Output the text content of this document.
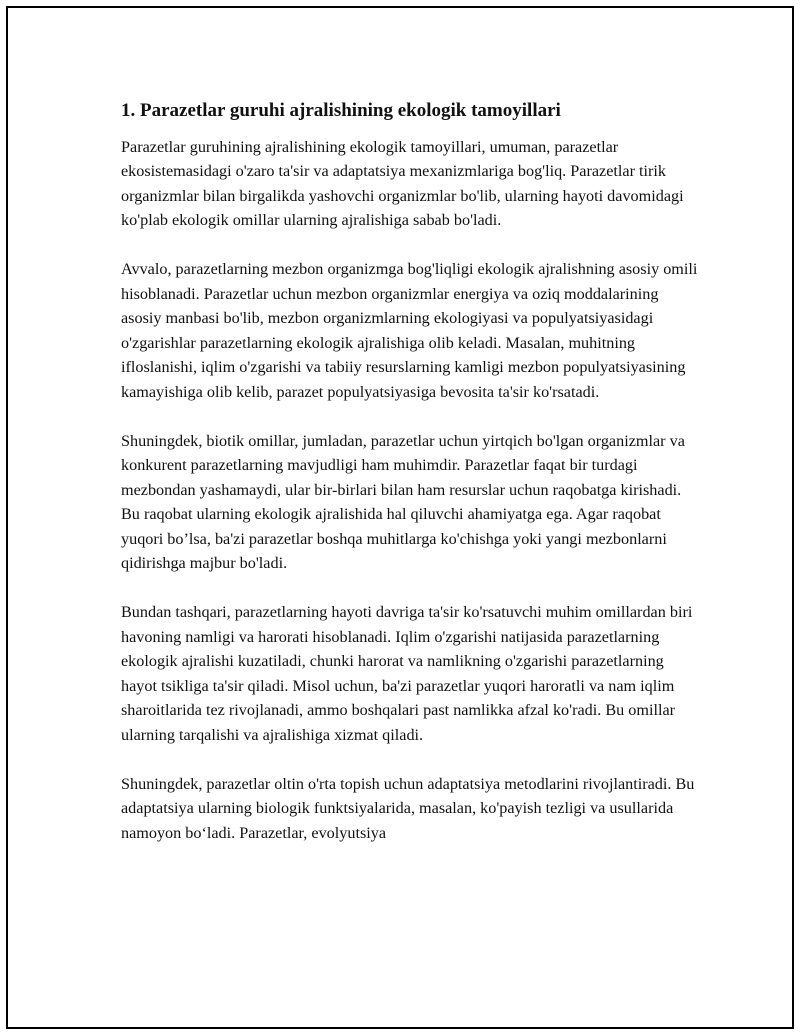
1. Parazetlar guruhi ajralishining ekologik tamoyillari

Parazetlar guruhining ajralishining ekologik tamoyillari, umuman, parazetlar ekosistemasidagi o'zaro ta'sir va adaptatsiya mexanizmlariga bog'liq. Parazetlar tirik organizmlar bilan birgalikda yashovchi organizmlar bo'lib, ularning hayoti davomidagi ko'plab ekologik omillar ularning ajralishiga sabab bo'ladi.

Avvalo, parazetlarning mezbon organizmga bog'liqligi ekologik ajralishning asosiy omili hisoblanadi. Parazetlar uchun mezbon organizmlar energiya va oziq moddalarining asosiy manbasi bo'lib, mezbon organizmlarning ekologiyasi va populyatsiyasidagi o'zgarishlar parazetlarning ekologik ajralishiga olib keladi. Masalan, muhitning ifloslanishi, iqlim o'zgarishi va tabiiy resurslarning kamligi mezbon populyatsiyasining kamayishiga olib kelib, parazet populyatsiyasiga bevosita ta'sir ko'rsatadi.

Shuningdek, biotik omillar, jumladan, parazetlar uchun yirtqich bo'lgan organizmlar va konkurent parazetlarning mavjudligi ham muhimdir. Parazetlar faqat bir turdagi mezbondan yashamaydi, ular bir-birlari bilan ham resurslar uchun raqobatga kirishadi. Bu raqobat ularning ekologik ajralishida hal qiluvchi ahamiyatga ega. Agar raqobat yuqori bo’lsa, ba'zi parazetlar boshqa muhitlarga ko'chishga yoki yangi mezbonlarni qidirishga majbur bo'ladi.

Bundan tashqari, parazetlarning hayoti davriga ta'sir ko'rsatuvchi muhim omillardan biri havoning namligi va harorati hisoblanadi. Iqlim o'zgarishi natijasida parazetlarning ekologik ajralishi kuzatiladi, chunki harorat va namlikning o'zgarishi parazetlarning hayot tsikliga ta'sir qiladi. Misol uchun, ba'zi parazetlar yuqori haroratli va nam iqlim sharoitlarida tez rivojlanadi, ammo boshqalari past namlikka afzal ko'radi. Bu omillar ularning tarqalishi va ajralishiga xizmat qiladi.

Shuningdek, parazetlar oltin o'rta topish uchun adaptatsiya metodlarini rivojlantiradi. Bu adaptatsiya ularning biologik funktsiyalarida, masalan, ko'payish tezligi va usullarida namoyon bo‘ladi. Parazetlar, evolyutsiya
